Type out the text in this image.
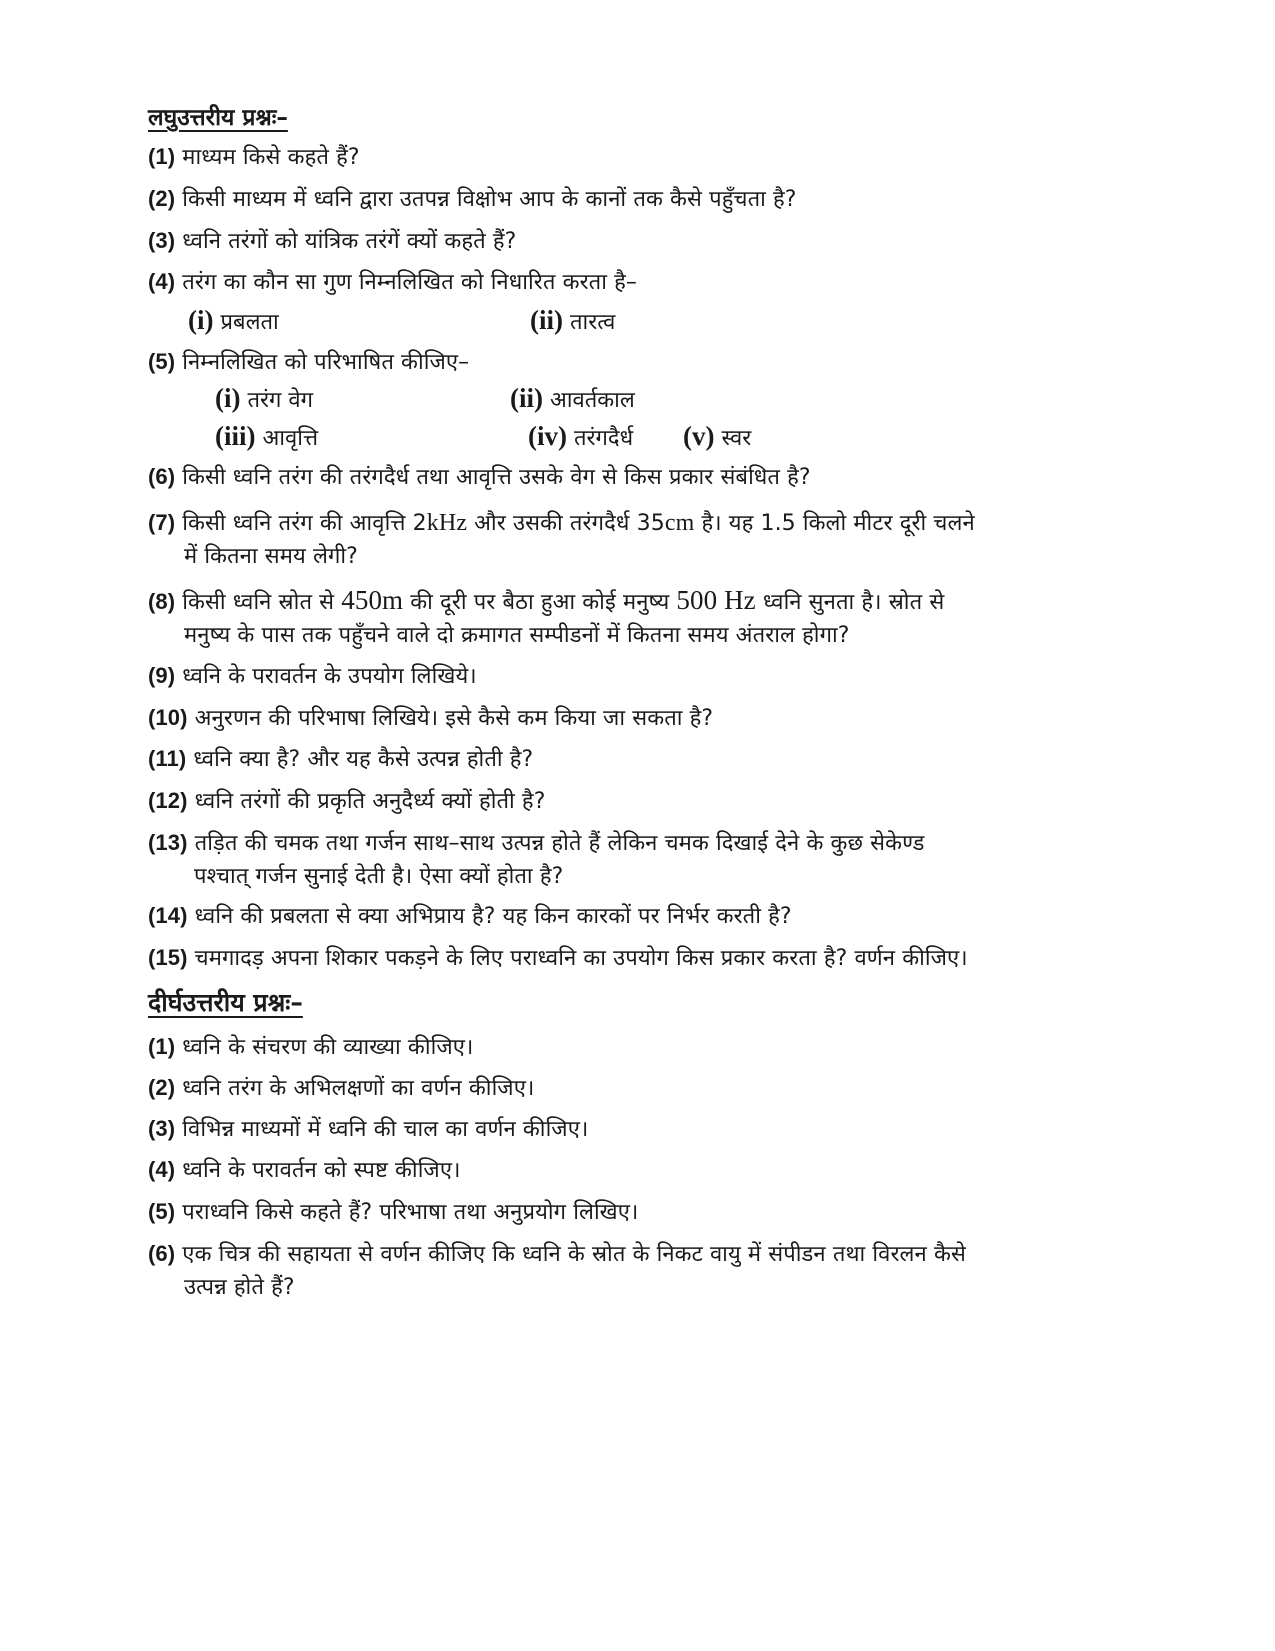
लघुउत्तरीय प्रश्नः–
(1) माध्यम किसे कहते हैं?
(2) किसी माध्यम में ध्वनि द्वारा उतपन्न विक्षोभ आप के कानों तक कैसे पहुँचता है?
(3) ध्वनि तरंगों को यांत्रिक तरंगें क्यों कहते हैं?
(4) तरंग का कौन सा गुण निम्नलिखित को निधारित करता है–
(i) प्रबलता	(ii) तारत्व
(5) निम्नलिखित को परिभाषित कीजिए–
(i) तरंग वेग	(ii) आवर्तकाल
(iii) आवृत्ति	(iv) तरंगदैर्ध (v) स्वर
(6) किसी ध्वनि तरंग की तरंगदैर्ध तथा आवृत्ति उसके वेग से किस प्रकार संबंधित है?
(7) किसी ध्वनि तरंग की आवृत्ति 2kHz और उसकी तरंगदैर्ध 35cm है। यह 1.5 किलो मीटर दूरी चलने
में कितना समय लेगी?
(8) किसी ध्वनि स्रोत से 450m की दूरी पर बैठा हुआ कोई मनुष्य 500 Hz ध्वनि सुनता है। स्रोत से
मनुष्य के पास तक पहुँचने वाले दो क्रमागत सम्पीडनों में कितना समय अंतराल होगा?
(9) ध्वनि के परावर्तन के उपयोग लिखिये।
(10) अनुरणन की परिभाषा लिखिये। इसे कैसे कम किया जा सकता है?
(11) ध्वनि क्या है? और यह कैसे उत्पन्न होती है?
(12) ध्वनि तरंगों की प्रकृति अनुदैर्ध्य क्यों होती है?
(13) तड़ित की चमक तथा गर्जन साथ–साथ उत्पन्न होते हैं लेकिन चमक दिखाई देने के कुछ सेकेण्ड
पश्चात् गर्जन सुनाई देती है। ऐसा क्यों होता है?
(14) ध्वनि की प्रबलता से क्या अभिप्राय है? यह किन कारकों पर निर्भर करती है?
(15) चमगादड़ अपना शिकार पकड़ने के लिए पराध्वनि का उपयोग किस प्रकार करता है? वर्णन कीजिए।
दीर्घउत्तरीय प्रश्नः–
(1) ध्वनि के संचरण की व्याख्या कीजिए।
(2) ध्वनि तरंग के अभिलक्षणों का वर्णन कीजिए।
(3) विभिन्न माध्यमों में ध्वनि की चाल का वर्णन कीजिए।
(4) ध्वनि के परावर्तन को स्पष्ट कीजिए।
(5) पराध्वनि किसे कहते हैं? परिभाषा तथा अनुप्रयोग लिखिए।
(6) एक चित्र की सहायता से वर्णन कीजिए कि ध्वनि के स्रोत के निकट वायु में संपीडन तथा विरलन कैसे
उत्पन्न होते हैं?
